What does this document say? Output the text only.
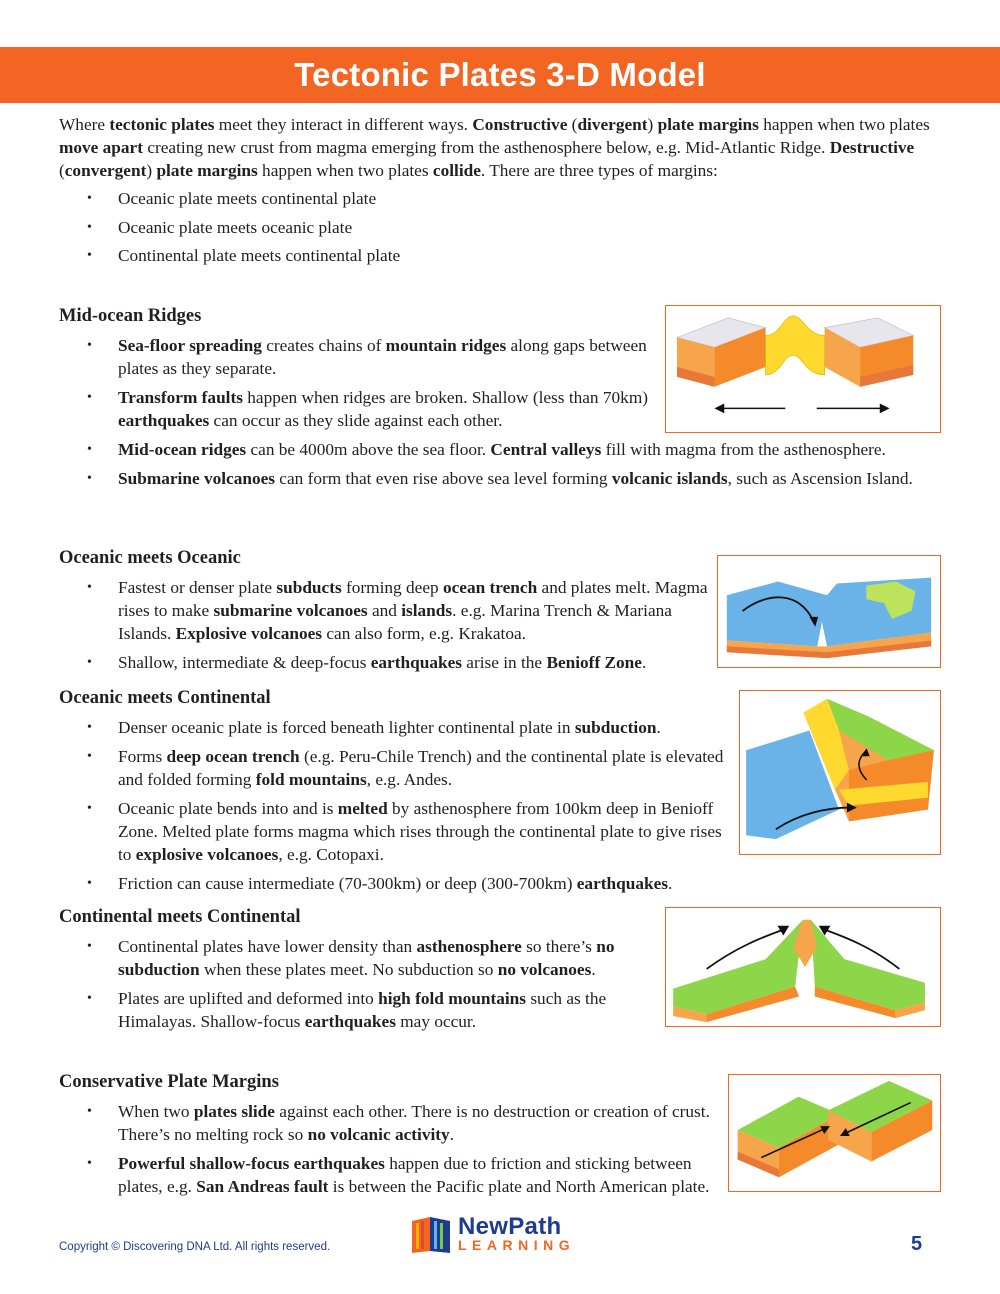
Tectonic Plates 3-D Model

Where tectonic plates meet they interact in different ways. Constructive (divergent) plate margins happen when two plates move apart creating new crust from magma emerging from the asthenosphere below, e.g. Mid-Atlantic Ridge. Destructive (convergent) plate margins happen when two plates collide. There are three types of margins:

• Oceanic plate meets continental plate
• Oceanic plate meets oceanic plate
• Continental plate meets continental plate
Mid-ocean Ridges
• Sea-floor spreading creates chains of mountain ridges along gaps between plates as they separate.
• Transform faults happen when ridges are broken. Shallow (less than 70km) earthquakes can occur as they slide against each other.
• Mid-ocean ridges can be 4000m above the sea floor. Central valleys fill with magma from the asthenosphere.
• Submarine volcanoes can form that even rise above sea level forming volcanic islands, such as Ascension Island.
Oceanic meets Oceanic
• Fastest or denser plate subducts forming deep ocean trench and plates melt. Magma rises to make submarine volcanoes and islands. e.g. Marina Trench & Mariana Islands. Explosive volcanoes can also form, e.g. Krakatoa.
• Shallow, intermediate & deep-focus earthquakes arise in the Benioff Zone.
Oceanic meets Continental
• Denser oceanic plate is forced beneath lighter continental plate in subduction.
• Forms deep ocean trench (e.g. Peru-Chile Trench) and the continental plate is elevated and folded forming fold mountains, e.g. Andes.
• Oceanic plate bends into and is melted by asthenosphere from 100km deep in Benioff Zone. Melted plate forms magma which rises through the continental plate to give rises to explosive volcanoes, e.g. Cotopaxi.
• Friction can cause intermediate (70-300km) or deep (300-700km) earthquakes.
Continental meets Continental
• Continental plates have lower density than asthenosphere so there’s no subduction when these plates meet. No subduction so no volcanoes.
• Plates are uplifted and deformed into high fold mountains such as the Himalayas. Shallow-focus earthquakes may occur.
Conservative Plate Margins
• When two plates slide against each other. There is no destruction or creation of crust. There’s no melting rock so no volcanic activity.
• Powerful shallow-focus earthquakes happen due to friction and sticking between plates, e.g. San Andreas fault is between the Pacific plate and North American plate.
Copyright © Discovering DNA Ltd. All rights reserved.
NewPath
LEARNING	5
